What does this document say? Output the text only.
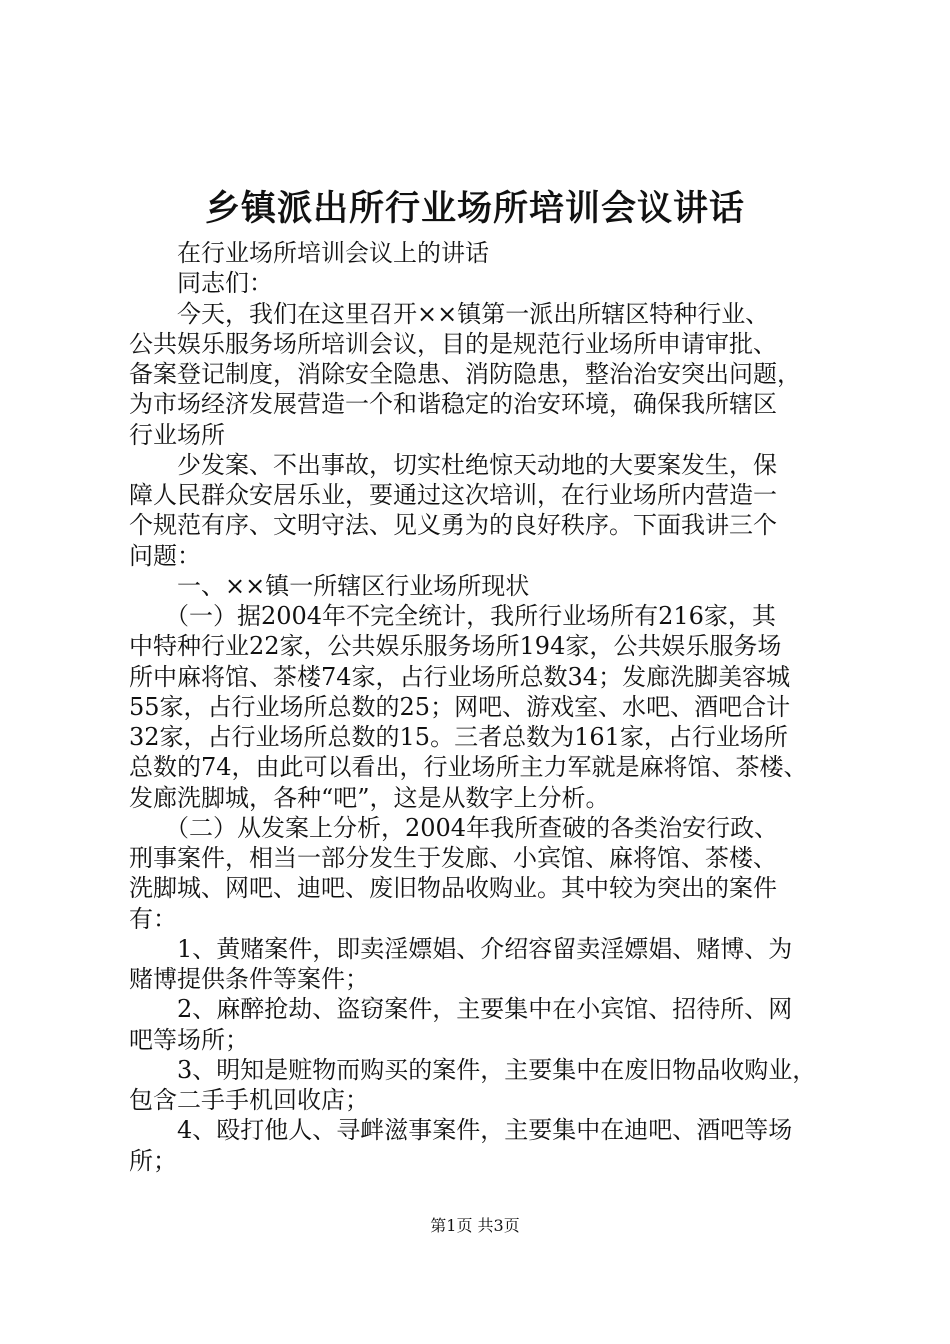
乡镇派出所行业场所培训会议讲话
　　在行业场所培训会议上的讲话
　　同志们：
　　今天，我们在这里召开××镇第一派出所辖区特种行业、
公共娱乐服务场所培训会议，目的是规范行业场所申请审批、
备案登记制度，消除安全隐患、消防隐患，整治治安突出问题，
为市场经济发展营造一个和谐稳定的治安环境，确保我所辖区
行业场所
　　少发案、不出事故，切实杜绝惊天动地的大要案发生，保
障人民群众安居乐业，要通过这次培训，在行业场所内营造一
个规范有序、文明守法、见义勇为的良好秩序。下面我讲三个
问题：
　　一、××镇一所辖区行业场所现状
　　（一）据2004年不完全统计，我所行业场所有216家，其
中特种行业22家，公共娱乐服务场所194家，公共娱乐服务场
所中麻将馆、茶楼74家，占行业场所总数34；发廊洗脚美容城
55家，占行业场所总数的25；网吧、游戏室、水吧、酒吧合计
32家，占行业场所总数的15。三者总数为161家，占行业场所
总数的74，由此可以看出，行业场所主力军就是麻将馆、茶楼、
发廊洗脚城，各种“吧”，这是从数字上分析。
　　（二）从发案上分析，2004年我所查破的各类治安行政、
刑事案件，相当一部分发生于发廊、小宾馆、麻将馆、茶楼、
洗脚城、网吧、迪吧、废旧物品收购业。其中较为突出的案件
有：
　　1、黄赌案件，即卖淫嫖娼、介绍容留卖淫嫖娼、赌博、为
赌博提供条件等案件；
　　2、麻醉抢劫、盗窃案件，主要集中在小宾馆、招待所、网
吧等场所；
　　3、明知是赃物而购买的案件，主要集中在废旧物品收购业，
包含二手手机回收店；
　　4、殴打他人、寻衅滋事案件，主要集中在迪吧、酒吧等场
所；
第1页 共3页
